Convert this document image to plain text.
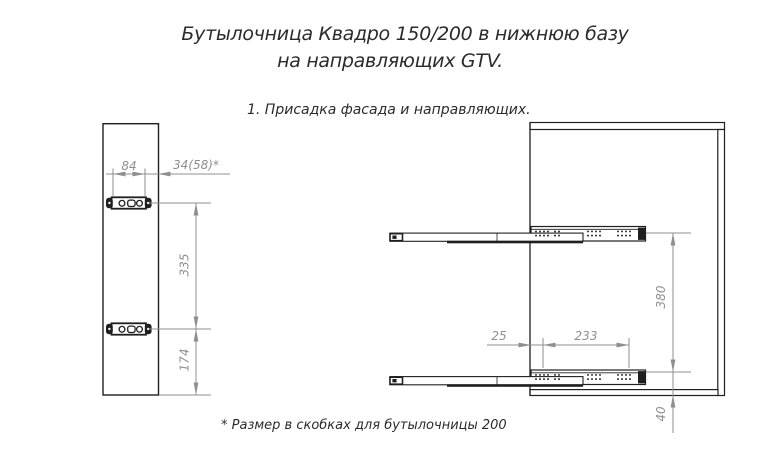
Бутылочница Квадро 150/200 в нижнюю базу
на направляющих GTV.
1. Присадка фасада и направляющих.
* Размер в скобках для бутылочницы 200
84	34(58)*
335
174
25	233
380
40
